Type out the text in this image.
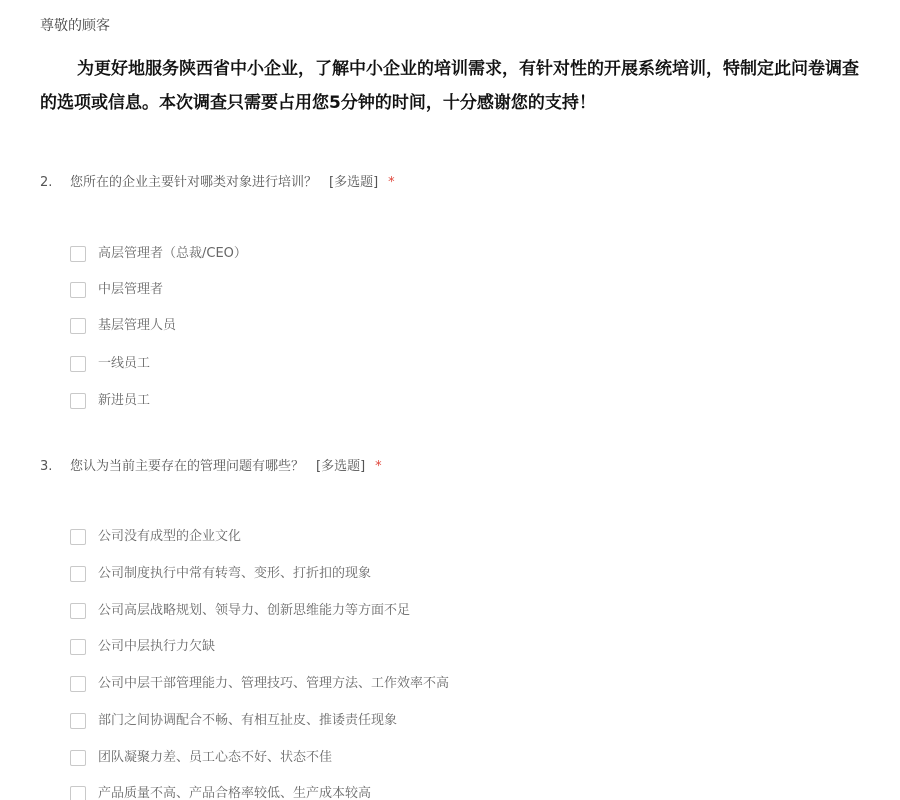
尊敬的顾客
为更好地服务陕西省中小企业，了解中小企业的培训需求，有针对性的开展系统培训，特制定此问卷调查
的选项或信息。本次调查只需要占用您5分钟的时间，十分感谢您的支持！
2. 您所在的企业主要针对哪类对象进行培训？ [多选题] *
高层管理者（总裁/CEO）
中层管理者
基层管理人员
一线员工
新进员工
3. 您认为当前主要存在的管理问题有哪些？ [多选题] *
公司没有成型的企业文化
公司制度执行中常有转弯、变形、打折扣的现象
公司高层战略规划、领导力、创新思维能力等方面不足
公司中层执行力欠缺
公司中层干部管理能力、管理技巧、管理方法、工作效率不高
部门之间协调配合不畅、有相互扯皮、推诿责任现象
团队凝聚力差、员工心态不好、状态不佳
产品质量不高、产品合格率较低、生产成本较高
